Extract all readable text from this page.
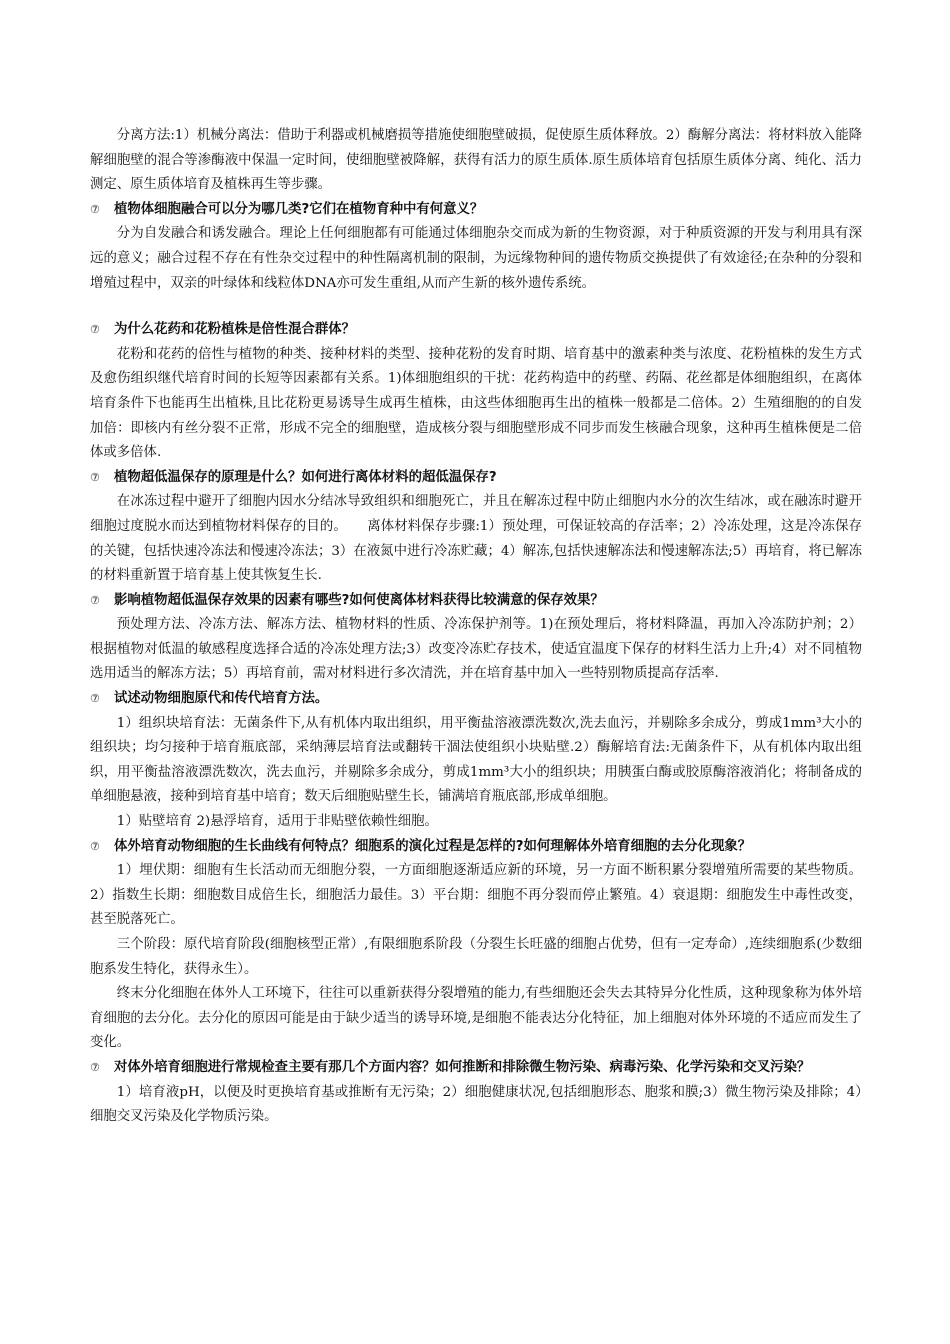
分离方法:1）机械分离法：借助于利器或机械磨损等措施使细胞壁破损，促使原生质体释放。2）酶解分离法：将材料放入能降解细胞壁的混合等渗酶液中保温一定时间，使细胞壁被降解，获得有活力的原生质体.原生质体培育包括原生质体分离、纯化、活力测定、原生质体培育及植株再生等步骤。

⑦	植物体细胞融合可以分为哪几类?它们在植物育种中有何意义？

分为自发融合和诱发融合。理论上任何细胞都有可能通过体细胞杂交而成为新的生物资源，对于种质资源的开发与利用具有深远的意义；融合过程不存在有性杂交过程中的种性隔离机制的限制，为远缘物种间的遗传物质交换提供了有效途径;在杂种的分裂和增殖过程中，双亲的叶绿体和线粒体DNA亦可发生重组,从而产生新的核外遗传系统。

⑦	为什么花药和花粉植株是倍性混合群体？

花粉和花药的倍性与植物的种类、接种材料的类型、接种花粉的发育时期、培育基中的激素种类与浓度、花粉植株的发生方式及愈伤组织继代培育时间的长短等因素都有关系。1)体细胞组织的干扰：花药构造中的药壁、药隔、花丝都是体细胞组织，在离体培育条件下也能再生出植株,且比花粉更易诱导生成再生植株，由这些体细胞再生出的植株一般都是二倍体。2）生殖细胞的的自发加倍：即核内有丝分裂不正常，形成不完全的细胞壁，造成核分裂与细胞壁形成不同步而发生核融合现象，这种再生植株便是二倍体或多倍体.

⑦	植物超低温保存的原理是什么？如何进行离体材料的超低温保存?

在冰冻过程中避开了细胞内因水分结冰导致组织和细胞死亡，并且在解冻过程中防止细胞内水分的次生结冰，或在融冻时避开细胞过度脱水而达到植物材料保存的目的。　　离体材料保存步骤:1）预处理，可保证较高的存活率；2）冷冻处理，这是冷冻保存的关键，包括快速冷冻法和慢速冷冻法；3）在液氮中进行冷冻贮藏；4）解冻,包括快速解冻法和慢速解冻法;5）再培育，将已解冻的材料重新置于培育基上使其恢复生长.

⑦	影响植物超低温保存效果的因素有哪些?如何使离体材料获得比较满意的保存效果？

预处理方法、冷冻方法、解冻方法、植物材料的性质、冷冻保护剂等。1)在预处理后，将材料降温，再加入冷冻防护剂；2）根据植物对低温的敏感程度选择合适的冷冻处理方法;3）改变冷冻贮存技术，使适宜温度下保存的材料生活力上升;4）对不同植物选用适当的解冻方法；5）再培育前，需对材料进行多次清洗，并在培育基中加入一些特别物质提高存活率.

⑦	试述动物细胞原代和传代培育方法。

1）组织块培育法：无菌条件下,从有机体内取出组织，用平衡盐溶液漂洗数次,洗去血污，并剔除多余成分，剪成1mm³大小的组织块；均匀接种于培育瓶底部，采纳薄层培育法或翻转干涸法使组织小块贴壁.2）酶解培育法:无菌条件下，从有机体内取出组织，用平衡盐溶液漂洗数次，洗去血污，并剔除多余成分，剪成1mm³大小的组织块；用胰蛋白酶或胶原酶溶液消化；将制备成的单细胞悬液，接种到培育基中培育；数天后细胞贴壁生长，铺满培育瓶底部,形成单细胞。

1）贴壁培育 2)悬浮培育，适用于非贴壁依赖性细胞。

⑦	体外培育动物细胞的生长曲线有何特点？细胞系的演化过程是怎样的?如何理解体外培育细胞的去分化现象？

1）埋伏期：细胞有生长活动而无细胞分裂，一方面细胞逐渐适应新的环境，另一方面不断积累分裂增殖所需要的某些物质。2）指数生长期：细胞数目成倍生长，细胞活力最佳。3）平台期：细胞不再分裂而停止繁殖。4）衰退期：细胞发生中毒性改变，甚至脱落死亡。

三个阶段：原代培育阶段(细胞核型正常）,有限细胞系阶段（分裂生长旺盛的细胞占优势，但有一定寿命）,连续细胞系(少数细胞系发生特化，获得永生）。

终末分化细胞在体外人工环境下，往往可以重新获得分裂增殖的能力,有些细胞还会失去其特异分化性质，这种现象称为体外培育细胞的去分化。去分化的原因可能是由于缺少适当的诱导环境,是细胞不能表达分化特征，加上细胞对体外环境的不适应而发生了变化。

⑦	对体外培育细胞进行常规检查主要有那几个方面内容？如何推断和排除微生物污染、病毒污染、化学污染和交叉污染？

1）培育液pH，以便及时更换培育基或推断有无污染；2）细胞健康状况,包括细胞形态、胞浆和膜;3）微生物污染及排除；4）细胞交叉污染及化学物质污染。
